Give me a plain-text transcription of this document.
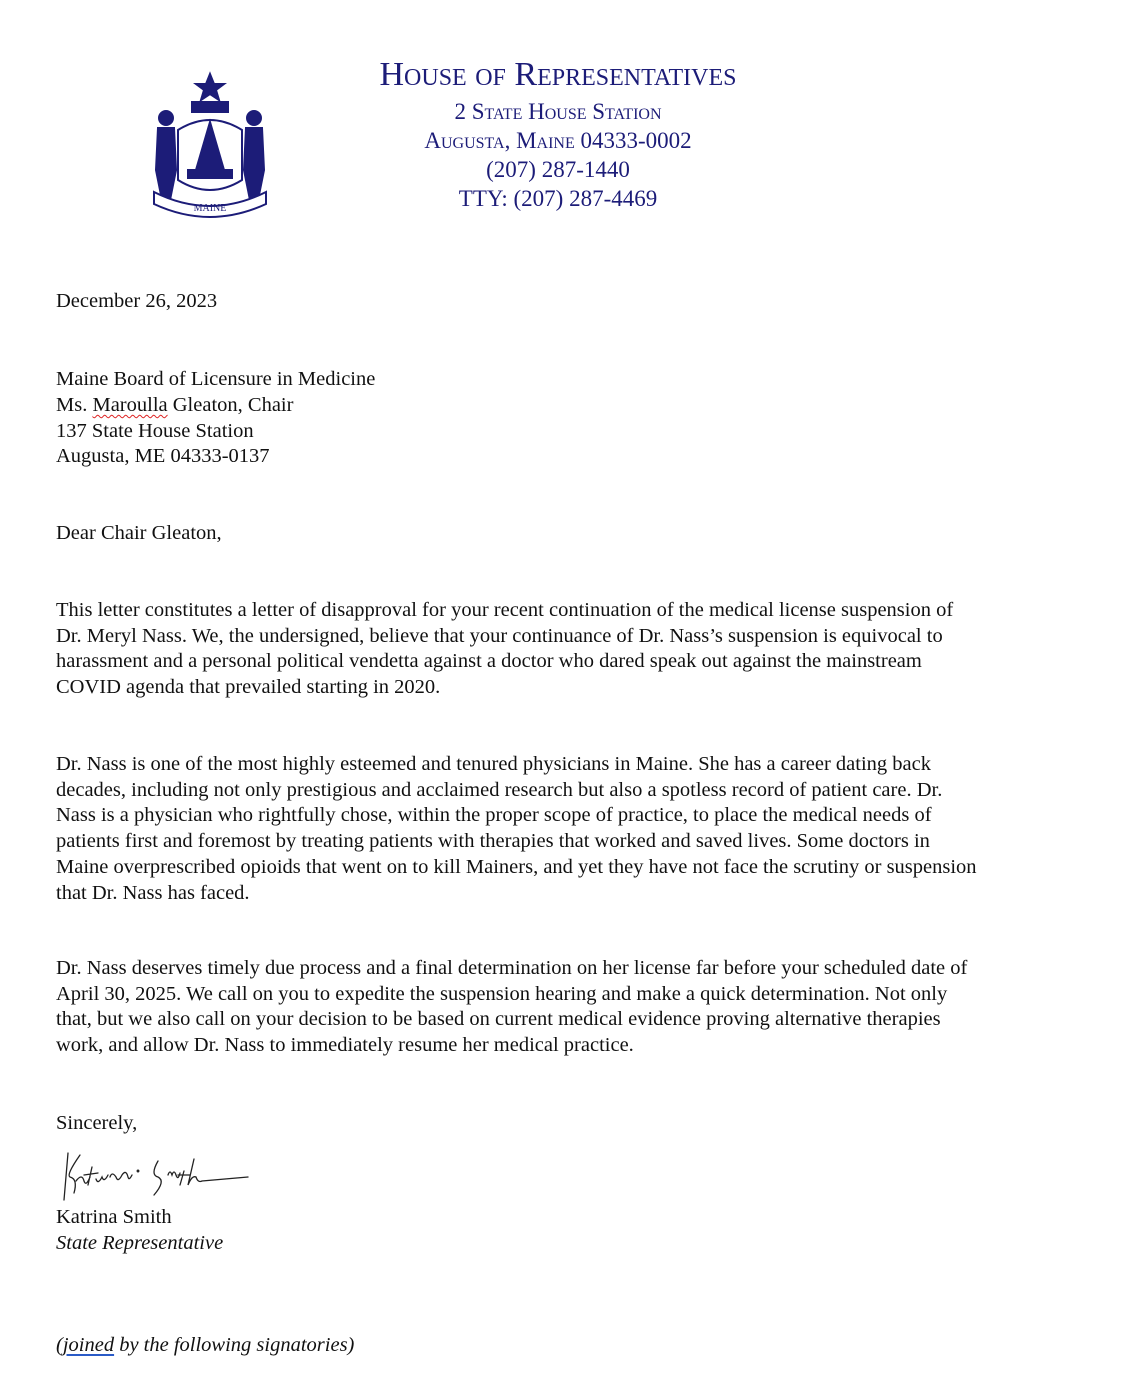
MAINE
House of Representatives
2 State House Station
Augusta, Maine 04333-0002
(207) 287-1440
TTY: (207) 287-4469
December 26, 2023
Maine Board of Licensure in Medicine
Ms. Maroulla Gleaton, Chair
137 State House Station
Augusta, ME 04333-0137
Dear Chair Gleaton,
This letter constitutes a letter of disapproval for your recent continuation of the medical license suspension of
Dr. Meryl Nass. We, the undersigned, believe that your continuance of Dr. Nass’s suspension is equivocal to
harassment and a personal political vendetta against a doctor who dared speak out against the mainstream
COVID agenda that prevailed starting in 2020.
Dr. Nass is one of the most highly esteemed and tenured physicians in Maine. She has a career dating back
decades, including not only prestigious and acclaimed research but also a spotless record of patient care. Dr.
Nass is a physician who rightfully chose, within the proper scope of practice, to place the medical needs of
patients first and foremost by treating patients with therapies that worked and saved lives. Some doctors in
Maine overprescribed opioids that went on to kill Mainers, and yet they have not face the scrutiny or suspension
that Dr. Nass has faced.
Dr. Nass deserves timely due process and a final determination on her license far before your scheduled date of
April 30, 2025. We call on you to expedite the suspension hearing and make a quick determination. Not only
that, but we also call on your decision to be based on current medical evidence proving alternative therapies
work, and allow Dr. Nass to immediately resume her medical practice.
Sincerely,
Katrina Smith
State Representative
(joined by the following signatories)
